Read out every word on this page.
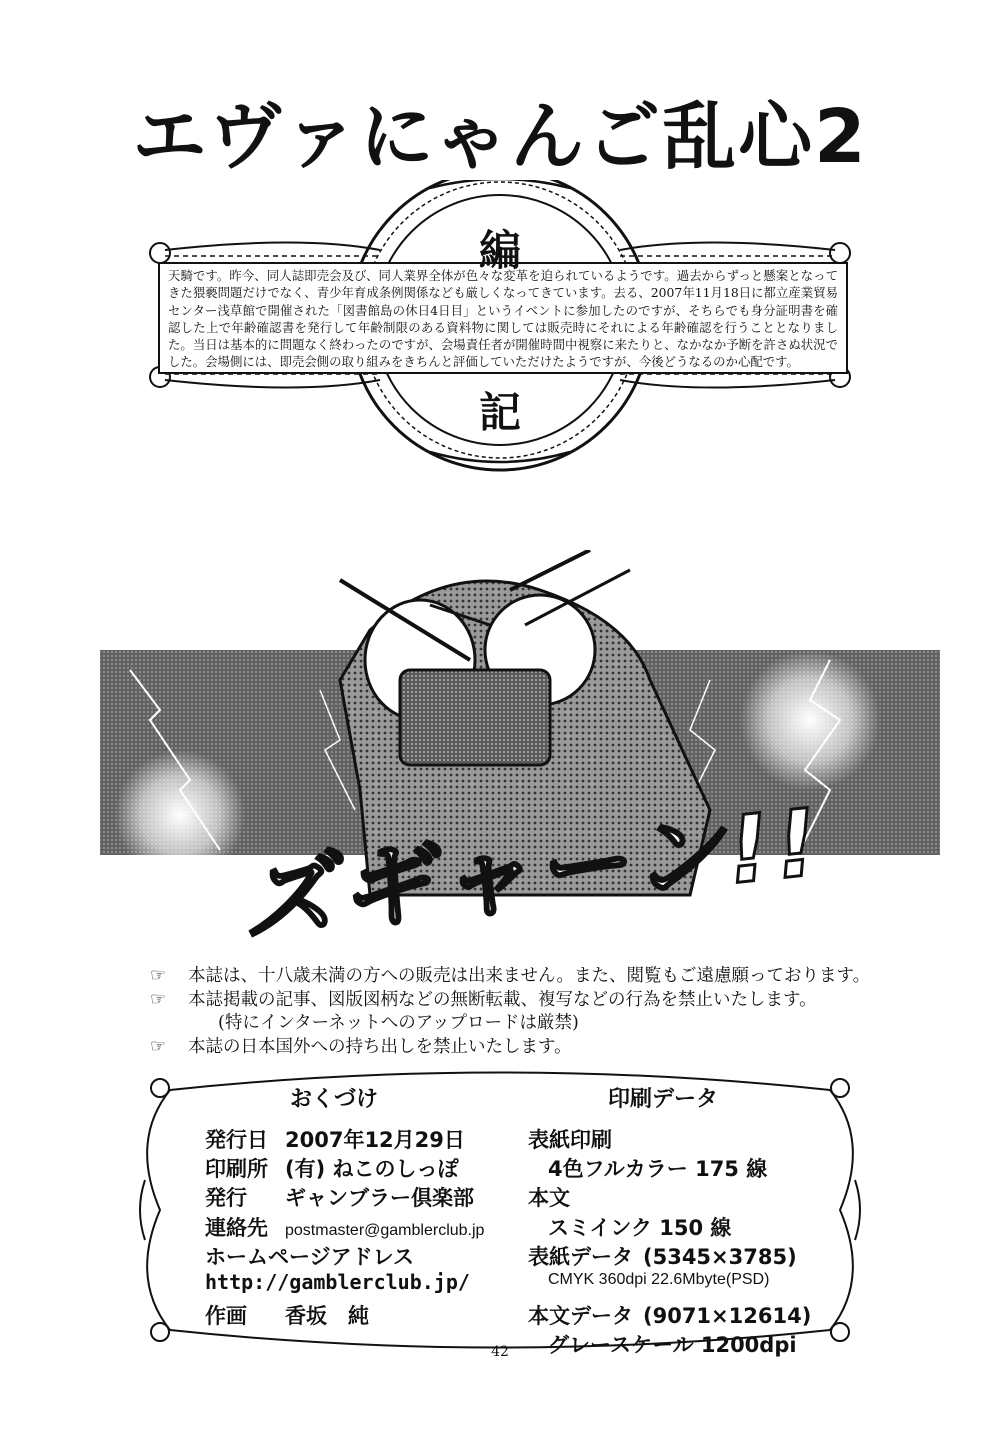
エヴァにゃんご乱心2
天騎です。昨今、同人誌即売会及び、同人業界全体が色々な変革を迫られているようです。過去からずっと懸案となってきた猥褻問題だけでなく、青少年育成条例関係なども厳しくなってきています。去る、2007年11月18日に都立産業貿易センター浅草館で開催された「図書館島の休日4日目」というイベントに参加したのですが、そちらでも身分証明書を確認した上で年齢確認書を発行して年齢制限のある資料物に関しては販売時にそれによる年齢確認を行うこととなりました。当日は基本的に問題なく終わったのですが、会場責任者が開催時間中視察に来たりと、なかなか予断を許さぬ状況でした。会場側には、即売会側の取り組みをきちんと評価していただけたようですが、今後どうなるのか心配です。
編
記
ズギャーン!!
☞	本誌は、十八歳未満の方への販売は出来ません。また、閲覧もご遠慮願っております。
☞	本誌掲載の記事、図版図柄などの無断転載、複写などの行為を禁止いたします。
(特にインターネットへのアップロードは厳禁)
☞	本誌の日本国外への持ち出しを禁止いたします。
おくづけ	印刷データ
発行日 2007年12月29日
印刷所 (有) ねこのしっぽ
発行	ギャンブラー倶楽部
連絡先	postmaster@gamblerclub.jp
ホームページアドレス
http://gamblerclub.jp/
作画	香坂　純
表紙印刷
4色フルカラー 175 線
本文
スミインク 150 線
表紙データ (5345×3785)
CMYK 360dpi 22.6Mbyte(PSD)
本文データ (9071×12614)
グレースケール 1200dpi
42
